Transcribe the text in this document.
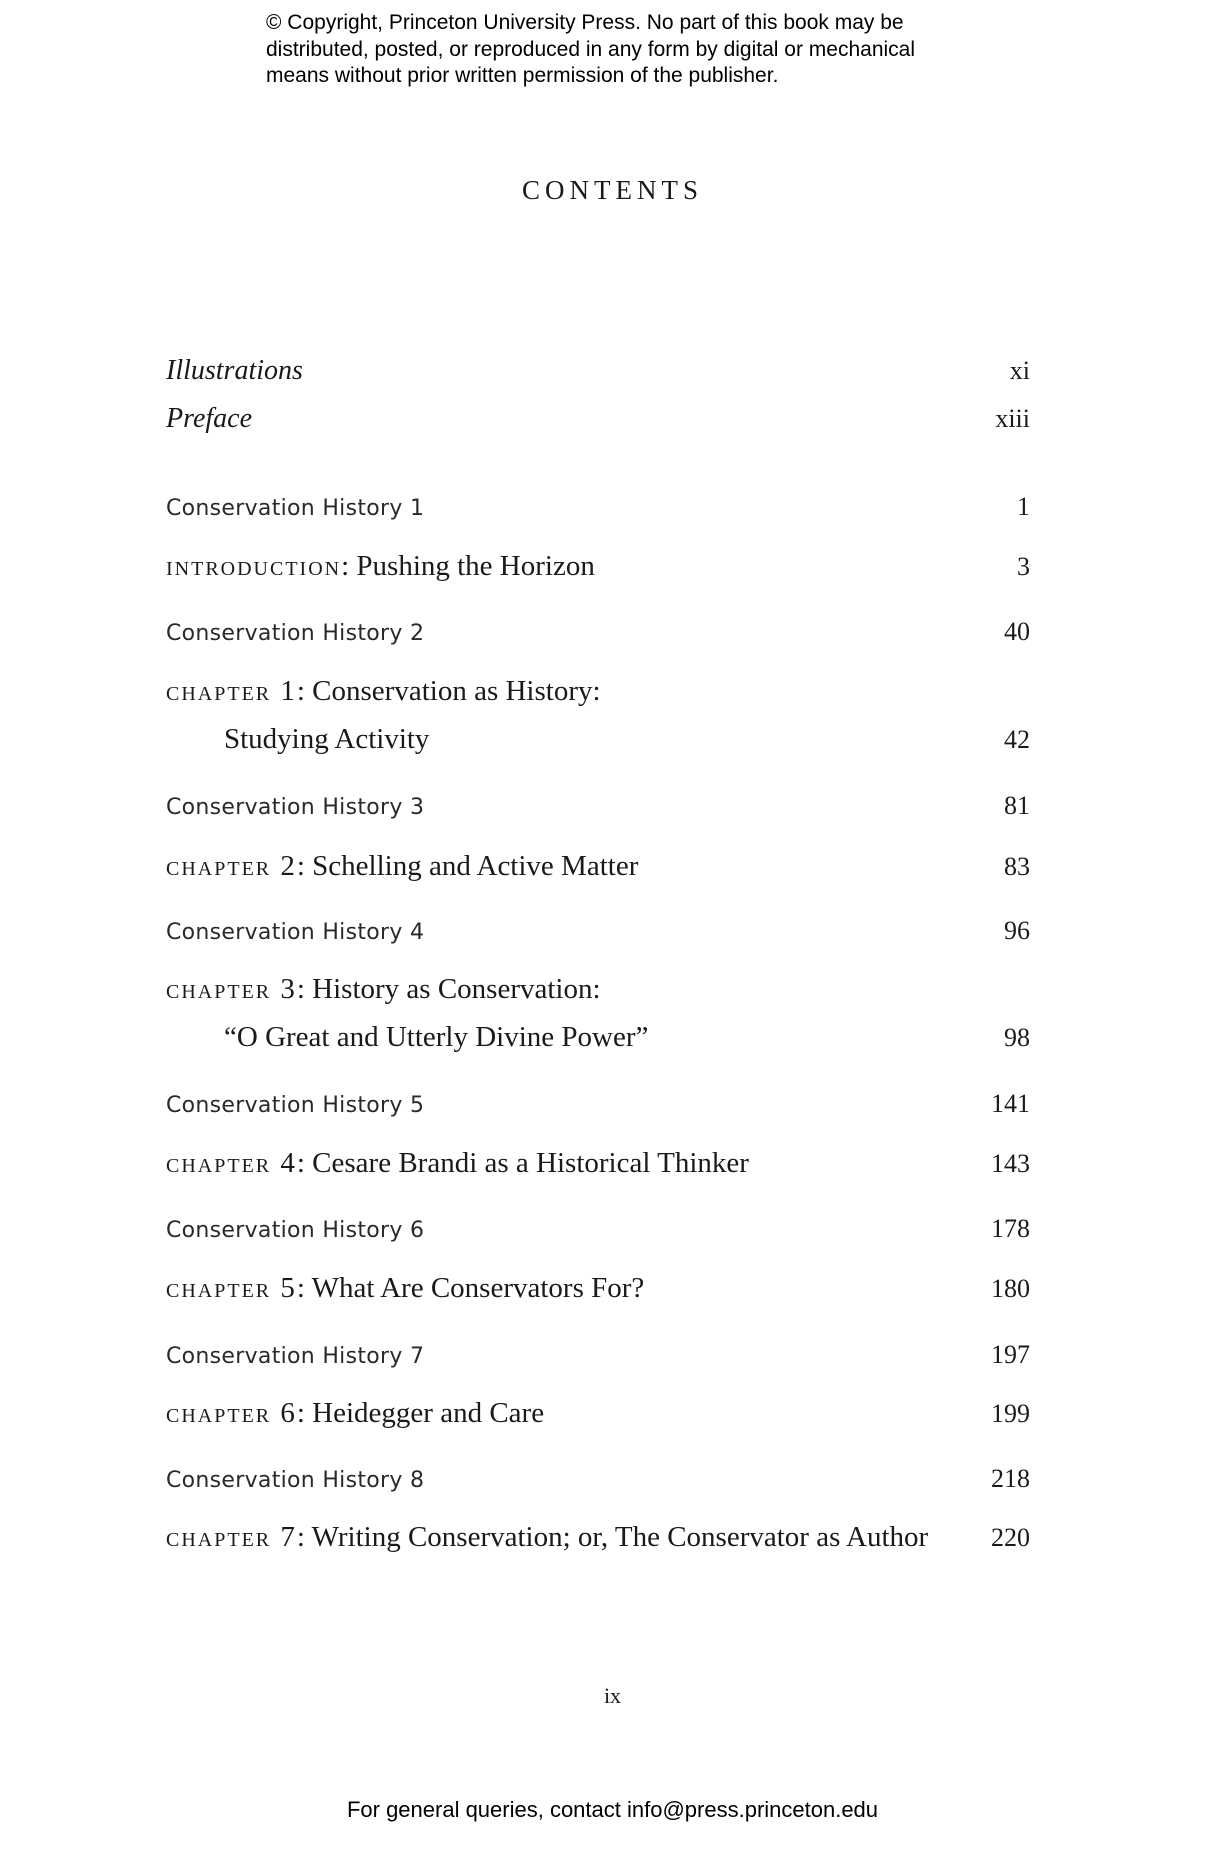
© Copyright, Princeton University Press. No part of this book may be
distributed, posted, or reproduced in any form by digital or mechanical
means without prior written permission of the publisher.
CONTENTS
Illustrations	xi
Preface	xiii
Conservation History 1	1
introduction: Pushing the Horizon	3
Conservation History 2	40
chapter 1: Conservation as History:
Studying Activity	42
Conservation History 3	81
chapter 2: Schelling and Active Matter	83
Conservation History 4	96
chapter 3: History as Conservation:
“O Great and Utterly Divine Power”	98
Conservation History 5	141
chapter 4: Cesare Brandi as a Historical Thinker	143
Conservation History 6	178
chapter 5: What Are Conservators For?	180
Conservation History 7	197
chapter 6: Heidegger and Care	199
Conservation History 8	218
chapter 7: Writing Conservation; or, The Conservator as Author 220
ix
For general queries, contact info@press.princeton.edu
